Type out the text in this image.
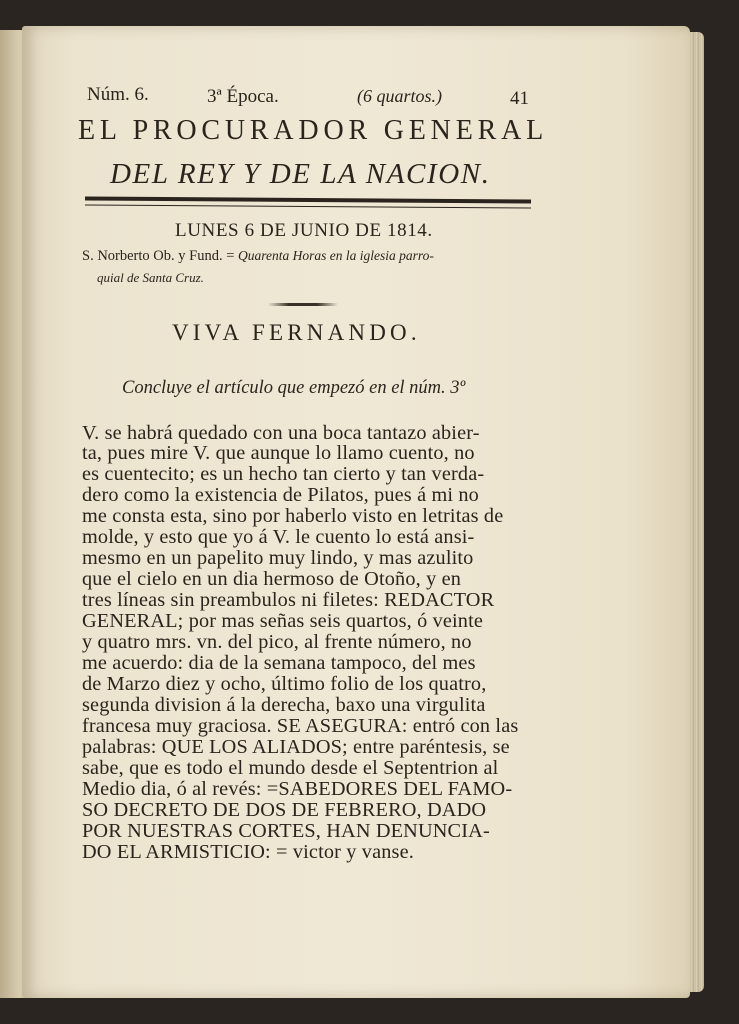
Núm. 6.	3ª Época.	(6 quartos.)	41
EL PROCURADOR GENERAL
DEL REY Y DE LA NACION.
LUNES 6 DE JUNIO DE 1814.
S. Norberto Ob. y Fund. = Quarenta Horas en la iglesia parro-
quial de Santa Cruz.
VIVA FERNANDO.
Concluye el artículo que empezó en el núm. 3º
V. se habrá quedado con una boca tantazo abier-
ta, pues mire V. que aunque lo llamo cuento, no
es cuentecito; es un hecho tan cierto y tan verda-
dero como la existencia de Pilatos, pues á mi no
me consta esta, sino por haberlo visto en letritas de
molde, y esto que yo á V. le cuento lo está ansi-
mesmo en un papelito muy lindo, y mas azulito
que el cielo en un dia hermoso de Otoño, y en
tres líneas sin preambulos ni filetes: REDACTOR
GENERAL; por mas señas seis quartos, ó veinte
y quatro mrs. vn. del pico, al frente número, no
me acuerdo: dia de la semana tampoco, del mes
de Marzo diez y ocho, último folio de los quatro,
segunda division á la derecha, baxo una virgulita
francesa muy graciosa. SE ASEGURA: entró con las
palabras: QUE LOS ALIADOS; entre paréntesis, se
sabe, que es todo el mundo desde el Septentrion al
Medio dia, ó al revés: =SABEDORES DEL FAMO-
SO DECRETO DE DOS DE FEBRERO, DADO
POR NUESTRAS CORTES, HAN DENUNCIA-
DO EL ARMISTICIO: = victor y vanse.
